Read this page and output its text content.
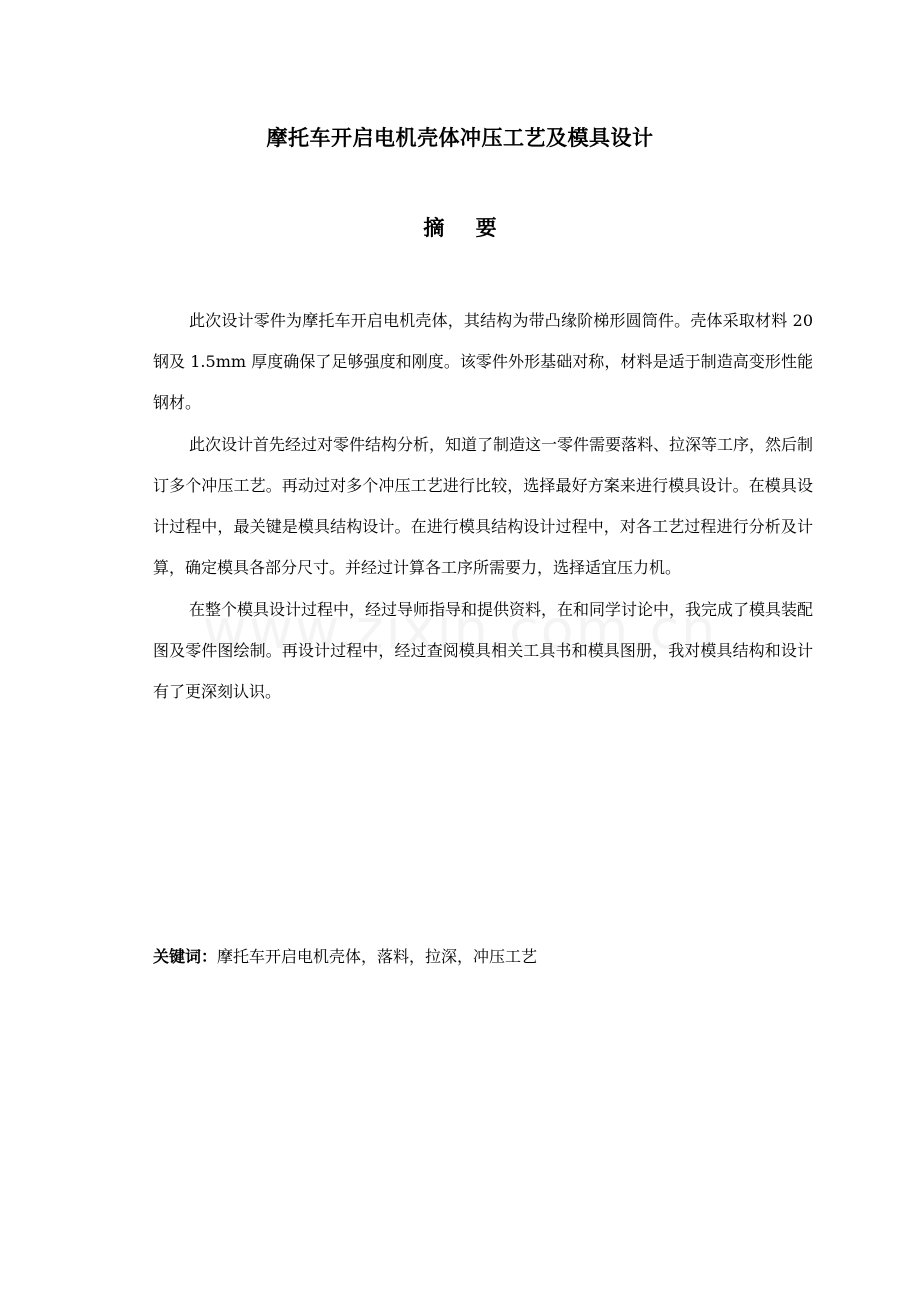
摩托车开启电机壳体冲压工艺及模具设计
摘 要

此次设计零件为摩托车开启电机壳体，其结构为带凸缘阶梯形圆筒件。壳体采取材料 20 钢及 1.5mm 厚度确保了足够强度和刚度。该零件外形基础对称，材料是适于制造高变形性能钢材。

此次设计首先经过对零件结构分析，知道了制造这一零件需要落料、拉深等工序，然后制订多个冲压工艺。再动过对多个冲压工艺进行比较，选择最好方案来进行模具设计。在模具设计过程中，最关键是模具结构设计。在进行模具结构设计过程中，对各工艺过程进行分析及计算，确定模具各部分尺寸。并经过计算各工序所需要力，选择适宜压力机。

在整个模具设计过程中，经过导师指导和提供资料，在和同学讨论中，我完成了模具装配图及零件图绘制。再设计过程中，经过查阅模具相关工具书和模具图册，我对模具结构和设计有了更深刻认识。

关键词：摩托车开启电机壳体，落料，拉深，冲压工艺
